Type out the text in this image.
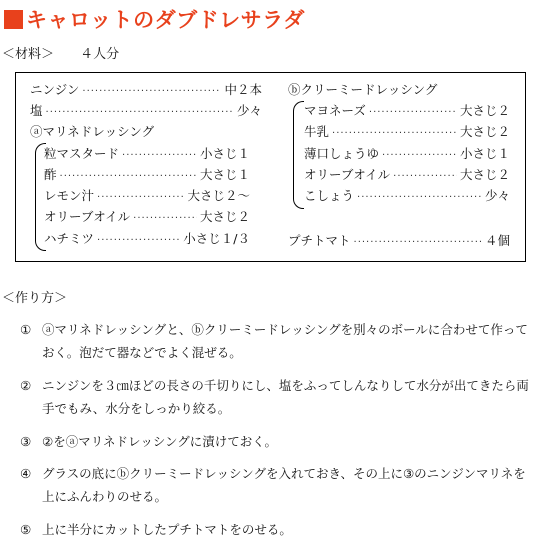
キャロットのダブドレサラダ
＜材料＞ ４人分
ニンジン ·····	中２本
塩 ·····	少々
ⓐマリネドレッシング
粒マスタード ·····	小さじ１
酢 ·····	大さじ１
レモン汁 ·····	大さじ２～
オリーブオイル ·····	大さじ２
ハチミツ ·····	小さじ１/３
ⓑクリーミードレッシング
マヨネーズ ·····	大さじ２
牛乳 ·····	大さじ２
薄口しょうゆ ·····	小さじ１
オリーブオイル ·····	大さじ２
こしょう ·····	少々
プチトマト ·····	４個
＜作り方＞
① ⓐマリネドレッシングと、ⓑクリーミードレッシングを別々のボールに合わせて作っておく。泡だて器などでよく混ぜる。
② ニンジンを３㎝ほどの長さの千切りにし、塩をふってしんなりして水分が出てきたら両手でもみ、水分をしっかり絞る。
③ ②をⓐマリネドレッシングに漬けておく。
④ グラスの底にⓑクリーミードレッシングを入れておき、その上に③のニンジンマリネを上にふんわりのせる。
⑤ 上に半分にカットしたプチトマトをのせる。
